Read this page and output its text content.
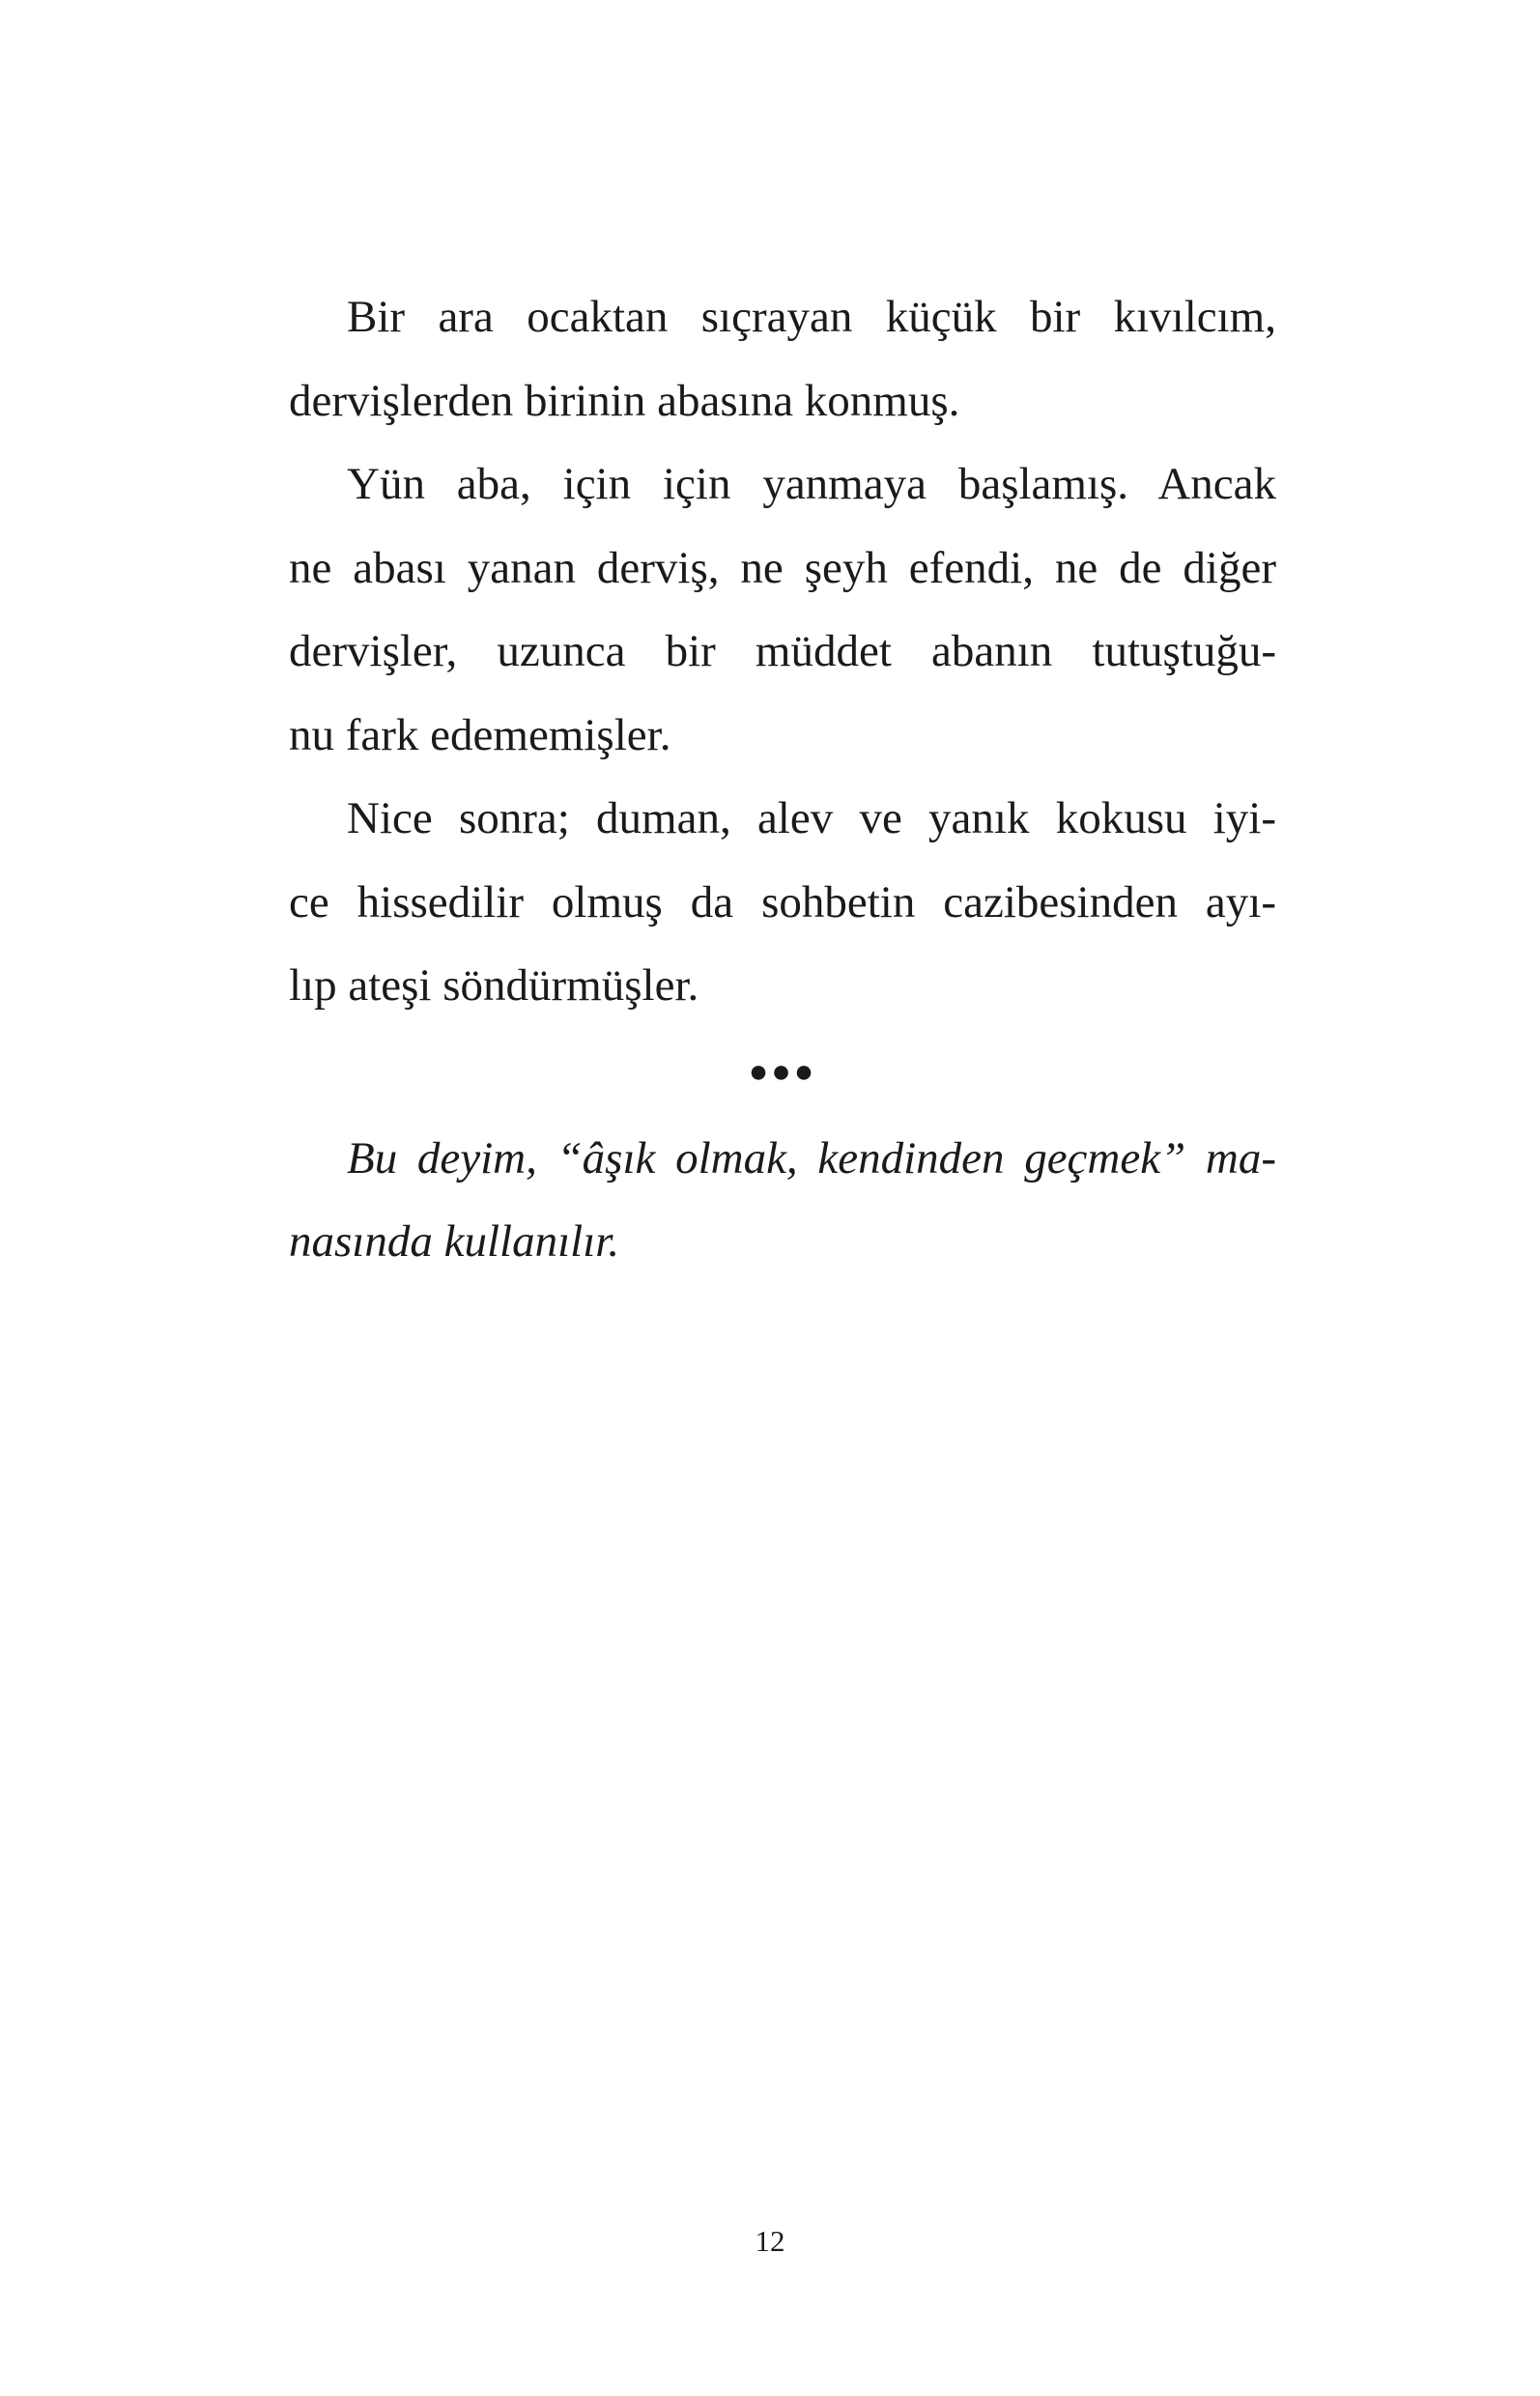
Bir ara ocaktan sıçrayan küçük bir kıvılcım,
dervişlerden birinin abasına konmuş.
Yün aba, için için yanmaya başlamış. Ancak
ne abası yanan derviş, ne şeyh efendi, ne de diğer
dervişler, uzunca bir müddet abanın tutuştuğu-
nu fark edememişler.
Nice sonra; duman, alev ve yanık kokusu iyi-
ce hissedilir olmuş da sohbetin cazibesinden ayı-
lıp ateşi söndürmüşler.
●●●
Bu deyim, “âşık olmak, kendinden geçmek” ma-
nasında kullanılır.
12
